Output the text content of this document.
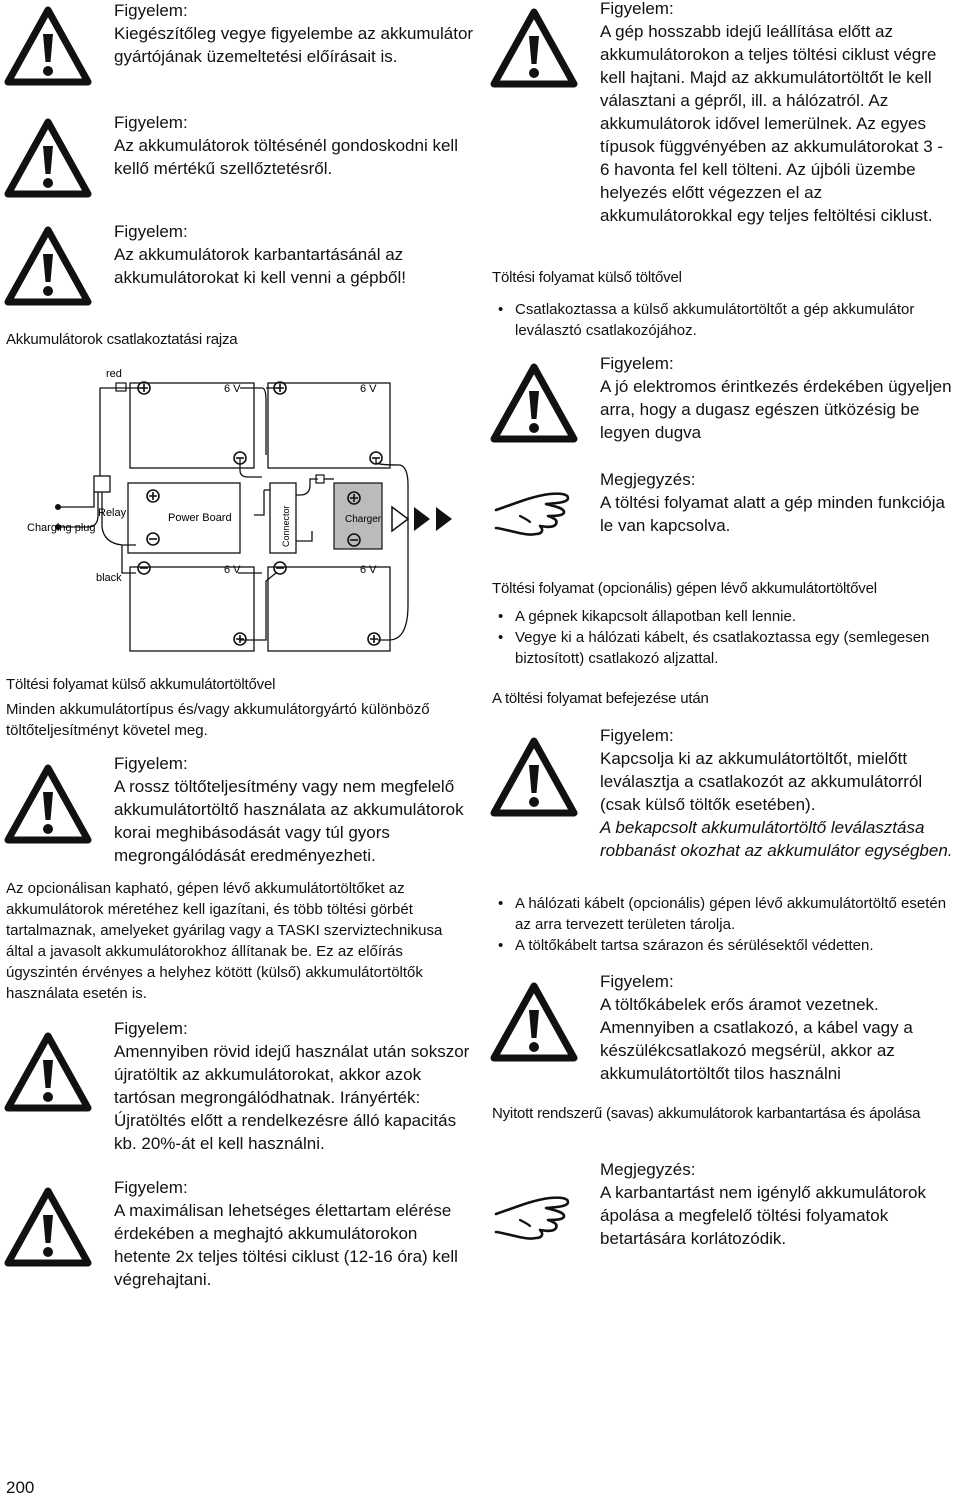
Figyelem:
Kiegészítőleg vegye figyelembe az akkumulátor gyártójának üzemeltetési előírásait is.
Figyelem:
Az akkumulátorok töltésénél gondoskodni kell kellő mértékű szellőztetésről.
Figyelem:
Az akkumulátorok karbantartásánál az akkumulátorokat ki kell venni a gépből!
Akkumulátorok csatlakoztatási rajza
red
6 V	6 V
Relay
Charging plug
Power Board	Connector	Charger
black
6 V	6 V
Töltési folyamat külső akkumulátortöltővel
Minden akkumulátortípus és/vagy akkumulátorgyártó különböző töltőteljesítményt követel meg.
Figyelem:
A rossz töltőteljesítmény vagy nem megfelelő akkumulátortöltő használata az akkumulátorok korai meghibásodását vagy túl gyors megrongálódását eredményezheti.
Az opcionálisan kapható, gépen lévő akkumulátortöltőket az akkumulátorok méretéhez kell igazítani, és több töltési görbét tartalmaznak, amelyeket gyárilag vagy a TASKI szerviztechnikusa által a javasolt akkumulátorokhoz állítanak be. Ez az előírás úgyszintén érvényes a helyhez kötött (külső) akkumulátortöltők használata esetén is.
Figyelem:
Amennyiben rövid idejű használat után sokszor újratöltik az akkumulátorokat, akkor azok tartósan megrongálódhatnak. Irányérték: Újratöltés előtt a rendelkezésre álló kapacitás kb. 20%-át el kell használni.
Figyelem:
A maximálisan lehetséges élettartam elérése érdekében a meghajtó akkumulátorokon hetente 2x teljes töltési ciklust (12-16 óra) kell végrehajtani.
200
Figyelem:
A gép hosszabb idejű leállítása előtt az akkumulátorokon a teljes töltési ciklust végre kell hajtani. Majd az akkumulátortöltőt le kell választani a gépről, ill. a hálózatról. Az akkumulátorok idővel lemerülnek. Az egyes típusok függvényében az akkumulátorokat 3 - 6 havonta fel kell tölteni. Az újbóli üzembe helyezés előtt végezzen el az akkumulátorokkal egy teljes feltöltési ciklust.
Töltési folyamat külső töltővel
• Csatlakoztassa a külső akkumulátortöltőt a gép akkumulátor leválasztó csatlakozójához.
Figyelem:
A jó elektromos érintkezés érdekében ügyeljen arra, hogy a dugasz egészen ütközésig be legyen dugva
Megjegyzés:
A töltési folyamat alatt a gép minden funkciója le van kapcsolva.
Töltési folyamat (opcionális) gépen lévő akkumulátortöltővel
• A gépnek kikapcsolt állapotban kell lennie.
• Vegye ki a hálózati kábelt, és csatlakoztassa egy (semlegesen biztosított) csatlakozó aljzattal.
A töltési folyamat befejezése után
Figyelem:
Kapcsolja ki az akkumulátortöltőt, mielőtt leválasztja a csatlakozót az akkumulátorról (csak külső töltők esetében).
A bekapcsolt akkumulátortöltő leválasztása robbanást okozhat az akkumulátor egységben.
• A hálózati kábelt (opcionális) gépen lévő akkumulátortöltő esetén az arra tervezett területen tárolja.
• A töltőkábelt tartsa szárazon és sérülésektől védetten.
Figyelem:
A töltőkábelek erős áramot vezetnek. Amennyiben a csatlakozó, a kábel vagy a készülékcsatlakozó megsérül, akkor az akkumulátortöltőt tilos használni
Nyitott rendszerű (savas) akkumulátorok karbantartása és ápolása
Megjegyzés:
A karbantartást nem igénylő akkumulátorok ápolása a megfelelő töltési folyamatok betartására korlátozódik.
